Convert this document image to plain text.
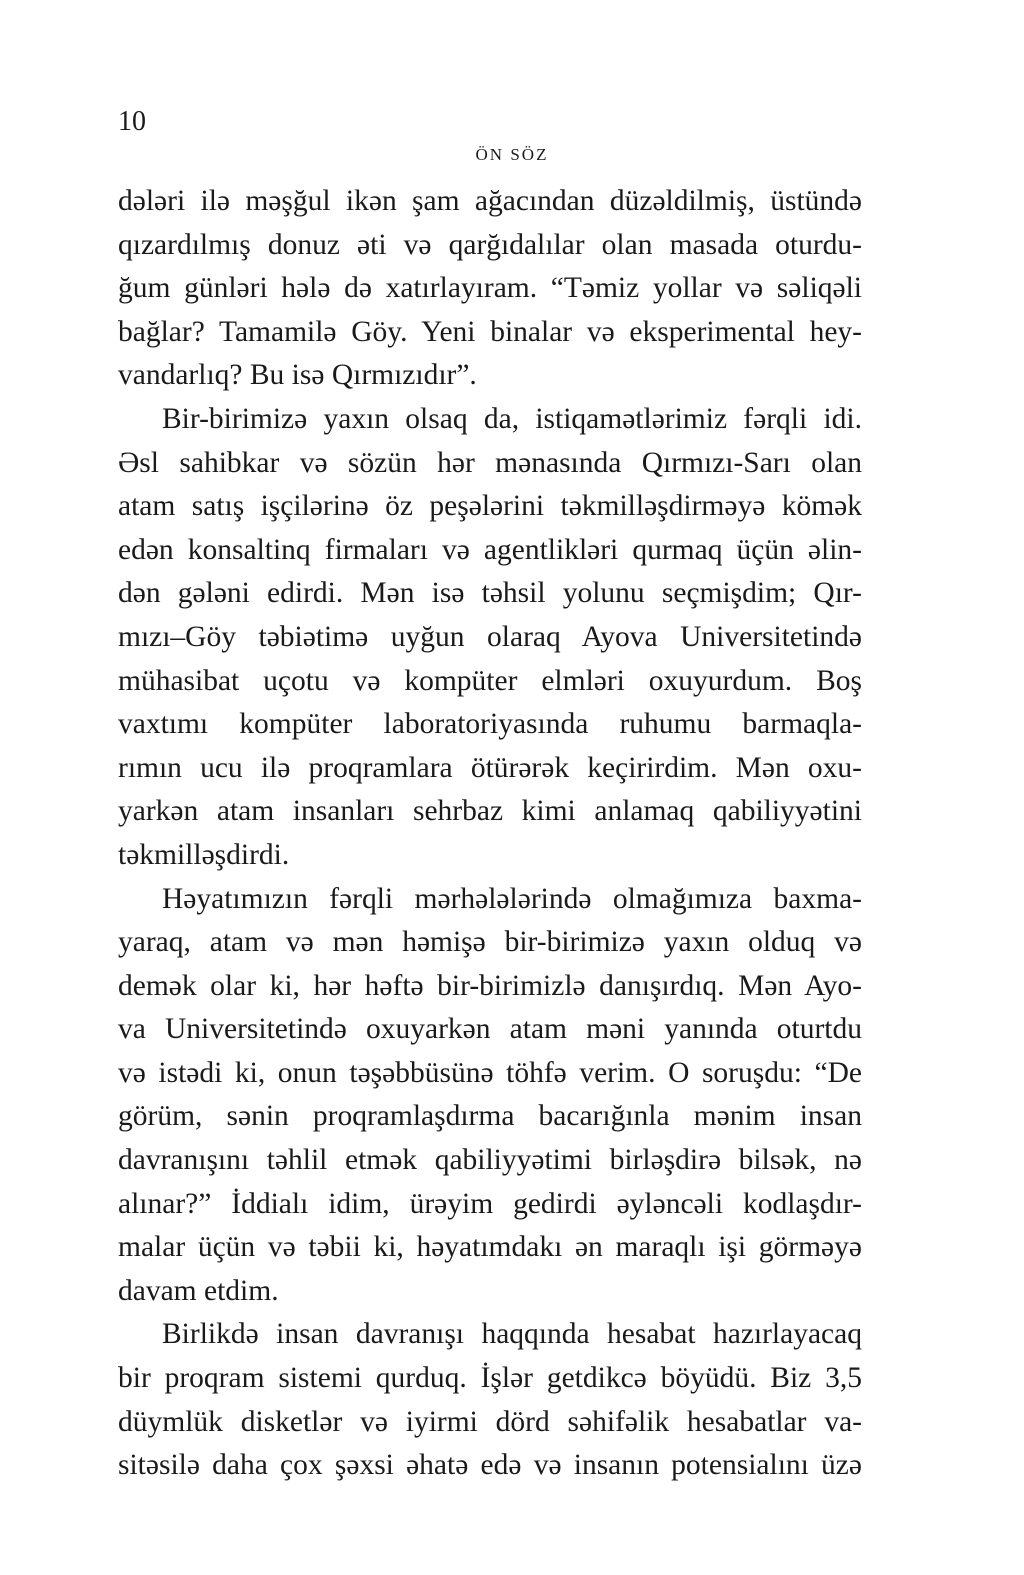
10
ÖN SÖZ
dələri ilə məşğul ikən şam ağacından düzəldilmiş, üstündə
qızardılmış donuz əti və qarğıdalılar olan masada oturdu-
ğum günləri hələ də xatırlayıram. “Təmiz yollar və səliqəli
bağlar? Tamamilə Göy. Yeni binalar və eksperimental hey-
vandarlıq? Bu isə Qırmızıdır”.
Bir-birimizə yaxın olsaq da, istiqamətlərimiz fərqli idi.
Əsl sahibkar və sözün hər mənasında Qırmızı-Sarı olan
atam satış işçilərinə öz peşələrini təkmilləşdirməyə kömək
edən konsaltinq firmaları və agentlikləri qurmaq üçün əlin-
dən gələni edirdi. Mən isə təhsil yolunu seçmişdim; Qır-
mızı–Göy təbiətimə uyğun olaraq Ayova Universitetində
mühasibat uçotu və kompüter elmləri oxuyurdum. Boş
vaxtımı kompüter laboratoriyasında ruhumu barmaqla-
rımın ucu ilə proqramlara ötürərək keçirirdim. Mən oxu-
yarkən atam insanları sehrbaz kimi anlamaq qabiliyyətini
təkmilləşdirdi.
Həyatımızın fərqli mərhələlərində olmağımıza baxma-
yaraq, atam və mən həmişə bir-birimizə yaxın olduq və
demək olar ki, hər həftə bir-birimizlə danışırdıq. Mən Ayo-
va Universitetində oxuyarkən atam məni yanında oturtdu
və istədi ki, onun təşəbbüsünə töhfə verim. O soruşdu: “De
görüm, sənin proqramlaşdırma bacarığınla mənim insan
davranışını təhlil etmək qabiliyyətimi birləşdirə bilsək, nə
alınar?” İddialı idim, ürəyim gedirdi əyləncəli kodlaşdır-
malar üçün və təbii ki, həyatımdakı ən maraqlı işi görməyə
davam etdim.
Birlikdə insan davranışı haqqında hesabat hazırlayacaq
bir proqram sistemi qurduq. İşlər getdikcə böyüdü. Biz 3,5
düymlük disketlər və iyirmi dörd səhifəlik hesabatlar va-
sitəsilə daha çox şəxsi əhatə edə və insanın potensialını üzə
